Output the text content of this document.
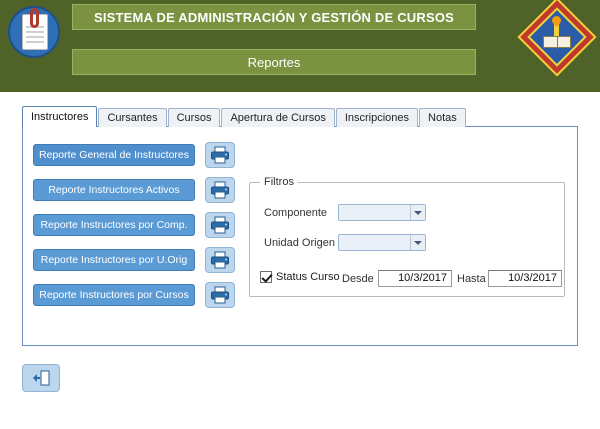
SISTEMA DE ADMINISTRACIÓN Y GESTIÓN DE CURSOS
Reportes
Instructores	Cursantes	Cursos	Apertura de Cursos	Inscripciones	Notas
Reporte General de Instructores
Reporte Instructores Activos
Reporte Instructores por Comp.
Reporte Instructores por U.Orig
Reporte Instructores por Cursos
Filtros
Componente
Unidad Origen
Status Curso Desde	10/3/2017 Hasta	10/3/2017
